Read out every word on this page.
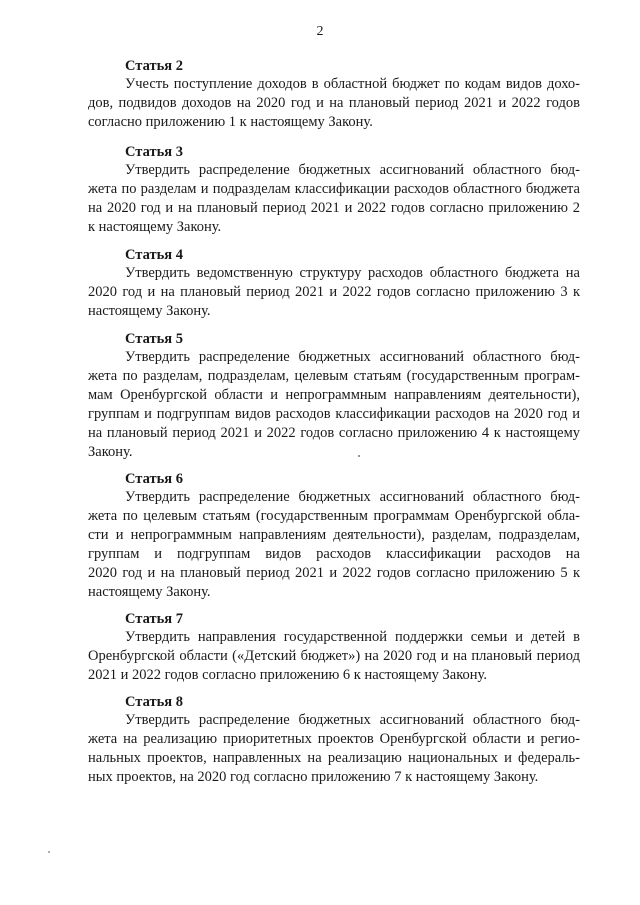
2
Статья 2
Учесть поступление доходов в областной бюджет по кодам видов дохо-
дов, подвидов доходов на 2020 год и на плановый период 2021 и 2022 годов
согласно приложению 1 к настоящему Закону.
Статья 3
Утвердить распределение бюджетных ассигнований областного бюд-
жета по разделам и подразделам классификации расходов областного бюджета
на 2020 год и на плановый период 2021 и 2022 годов согласно приложению 2
к настоящему Закону.
Статья 4
Утвердить ведомственную структуру расходов областного бюджета на
2020 год и на плановый период 2021 и 2022 годов согласно приложению 3 к
настоящему Закону.
Статья 5
Утвердить распределение бюджетных ассигнований областного бюд-
жета по разделам, подразделам, целевым статьям (государственным програм-
мам Оренбургской области и непрограммным направлениям деятельности),
группам и подгруппам видов расходов классификации расходов на 2020 год и
на плановый период 2021 и 2022 годов согласно приложению 4 к настоящему
Закону.
Статья 6
Утвердить распределение бюджетных ассигнований областного бюд-
жета по целевым статьям (государственным программам Оренбургской обла-
сти и непрограммным направлениям деятельности), разделам, подразделам,
группам и подгруппам видов расходов классификации расходов на
2020 год и на плановый период 2021 и 2022 годов согласно приложению 5 к
настоящему Закону.
Статья 7
Утвердить направления государственной поддержки семьи и детей в
Оренбургской области («Детский бюджет») на 2020 год и на плановый период
2021 и 2022 годов согласно приложению 6 к настоящему Закону.
Статья 8
Утвердить распределение бюджетных ассигнований областного бюд-
жета на реализацию приоритетных проектов Оренбургской области и регио-
нальных проектов, направленных на реализацию национальных и федераль-
ных проектов, на 2020 год согласно приложению 7 к настоящему Закону.
